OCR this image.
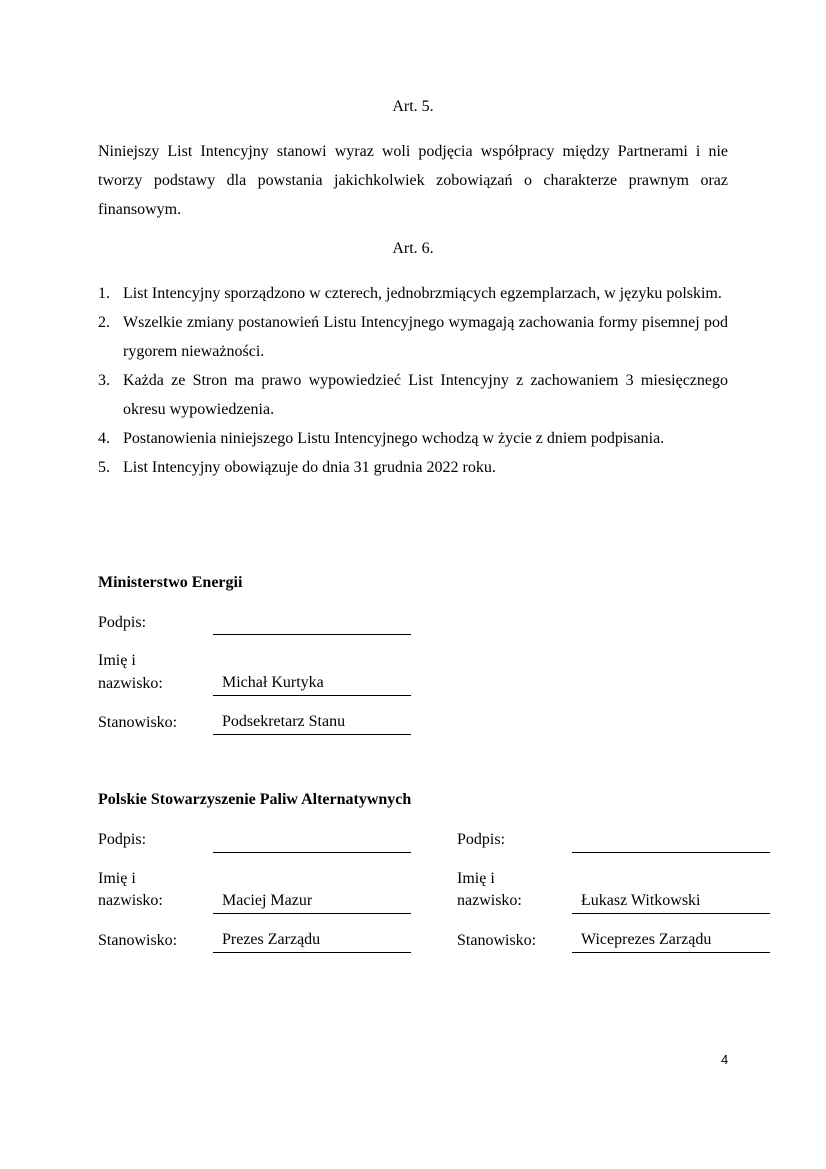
Art. 5.
Niniejszy List Intencyjny stanowi wyraz woli podjęcia współpracy między Partnerami i nie tworzy podstawy dla powstania jakichkolwiek zobowiązań o charakterze prawnym oraz finansowym.
Art. 6.
1. List Intencyjny sporządzono w czterech, jednobrzmiących egzemplarzach, w języku polskim.
2. Wszelkie zmiany postanowień Listu Intencyjnego wymagają zachowania formy pisemnej pod rygorem nieważności.
3. Każda ze Stron ma prawo wypowiedzieć List Intencyjny z zachowaniem 3 miesięcznego okresu wypowiedzenia.
4. Postanowienia niniejszego Listu Intencyjnego wchodzą w życie z dniem podpisania.
5. List Intencyjny obowiązuje do dnia 31 grudnia 2022 roku.
Ministerstwo Energii
Podpis:
Imię i
nazwisko:	Michał Kurtyka
Stanowisko:	Podsekretarz Stanu
Polskie Stowarzyszenie Paliw Alternatywnych
Podpis:
Imię i
nazwisko:	Maciej Mazur
Stanowisko:	Prezes Zarządu
Podpis:
Imię i
nazwisko:	Łukasz Witkowski
Stanowisko:	Wiceprezes Zarządu
4
